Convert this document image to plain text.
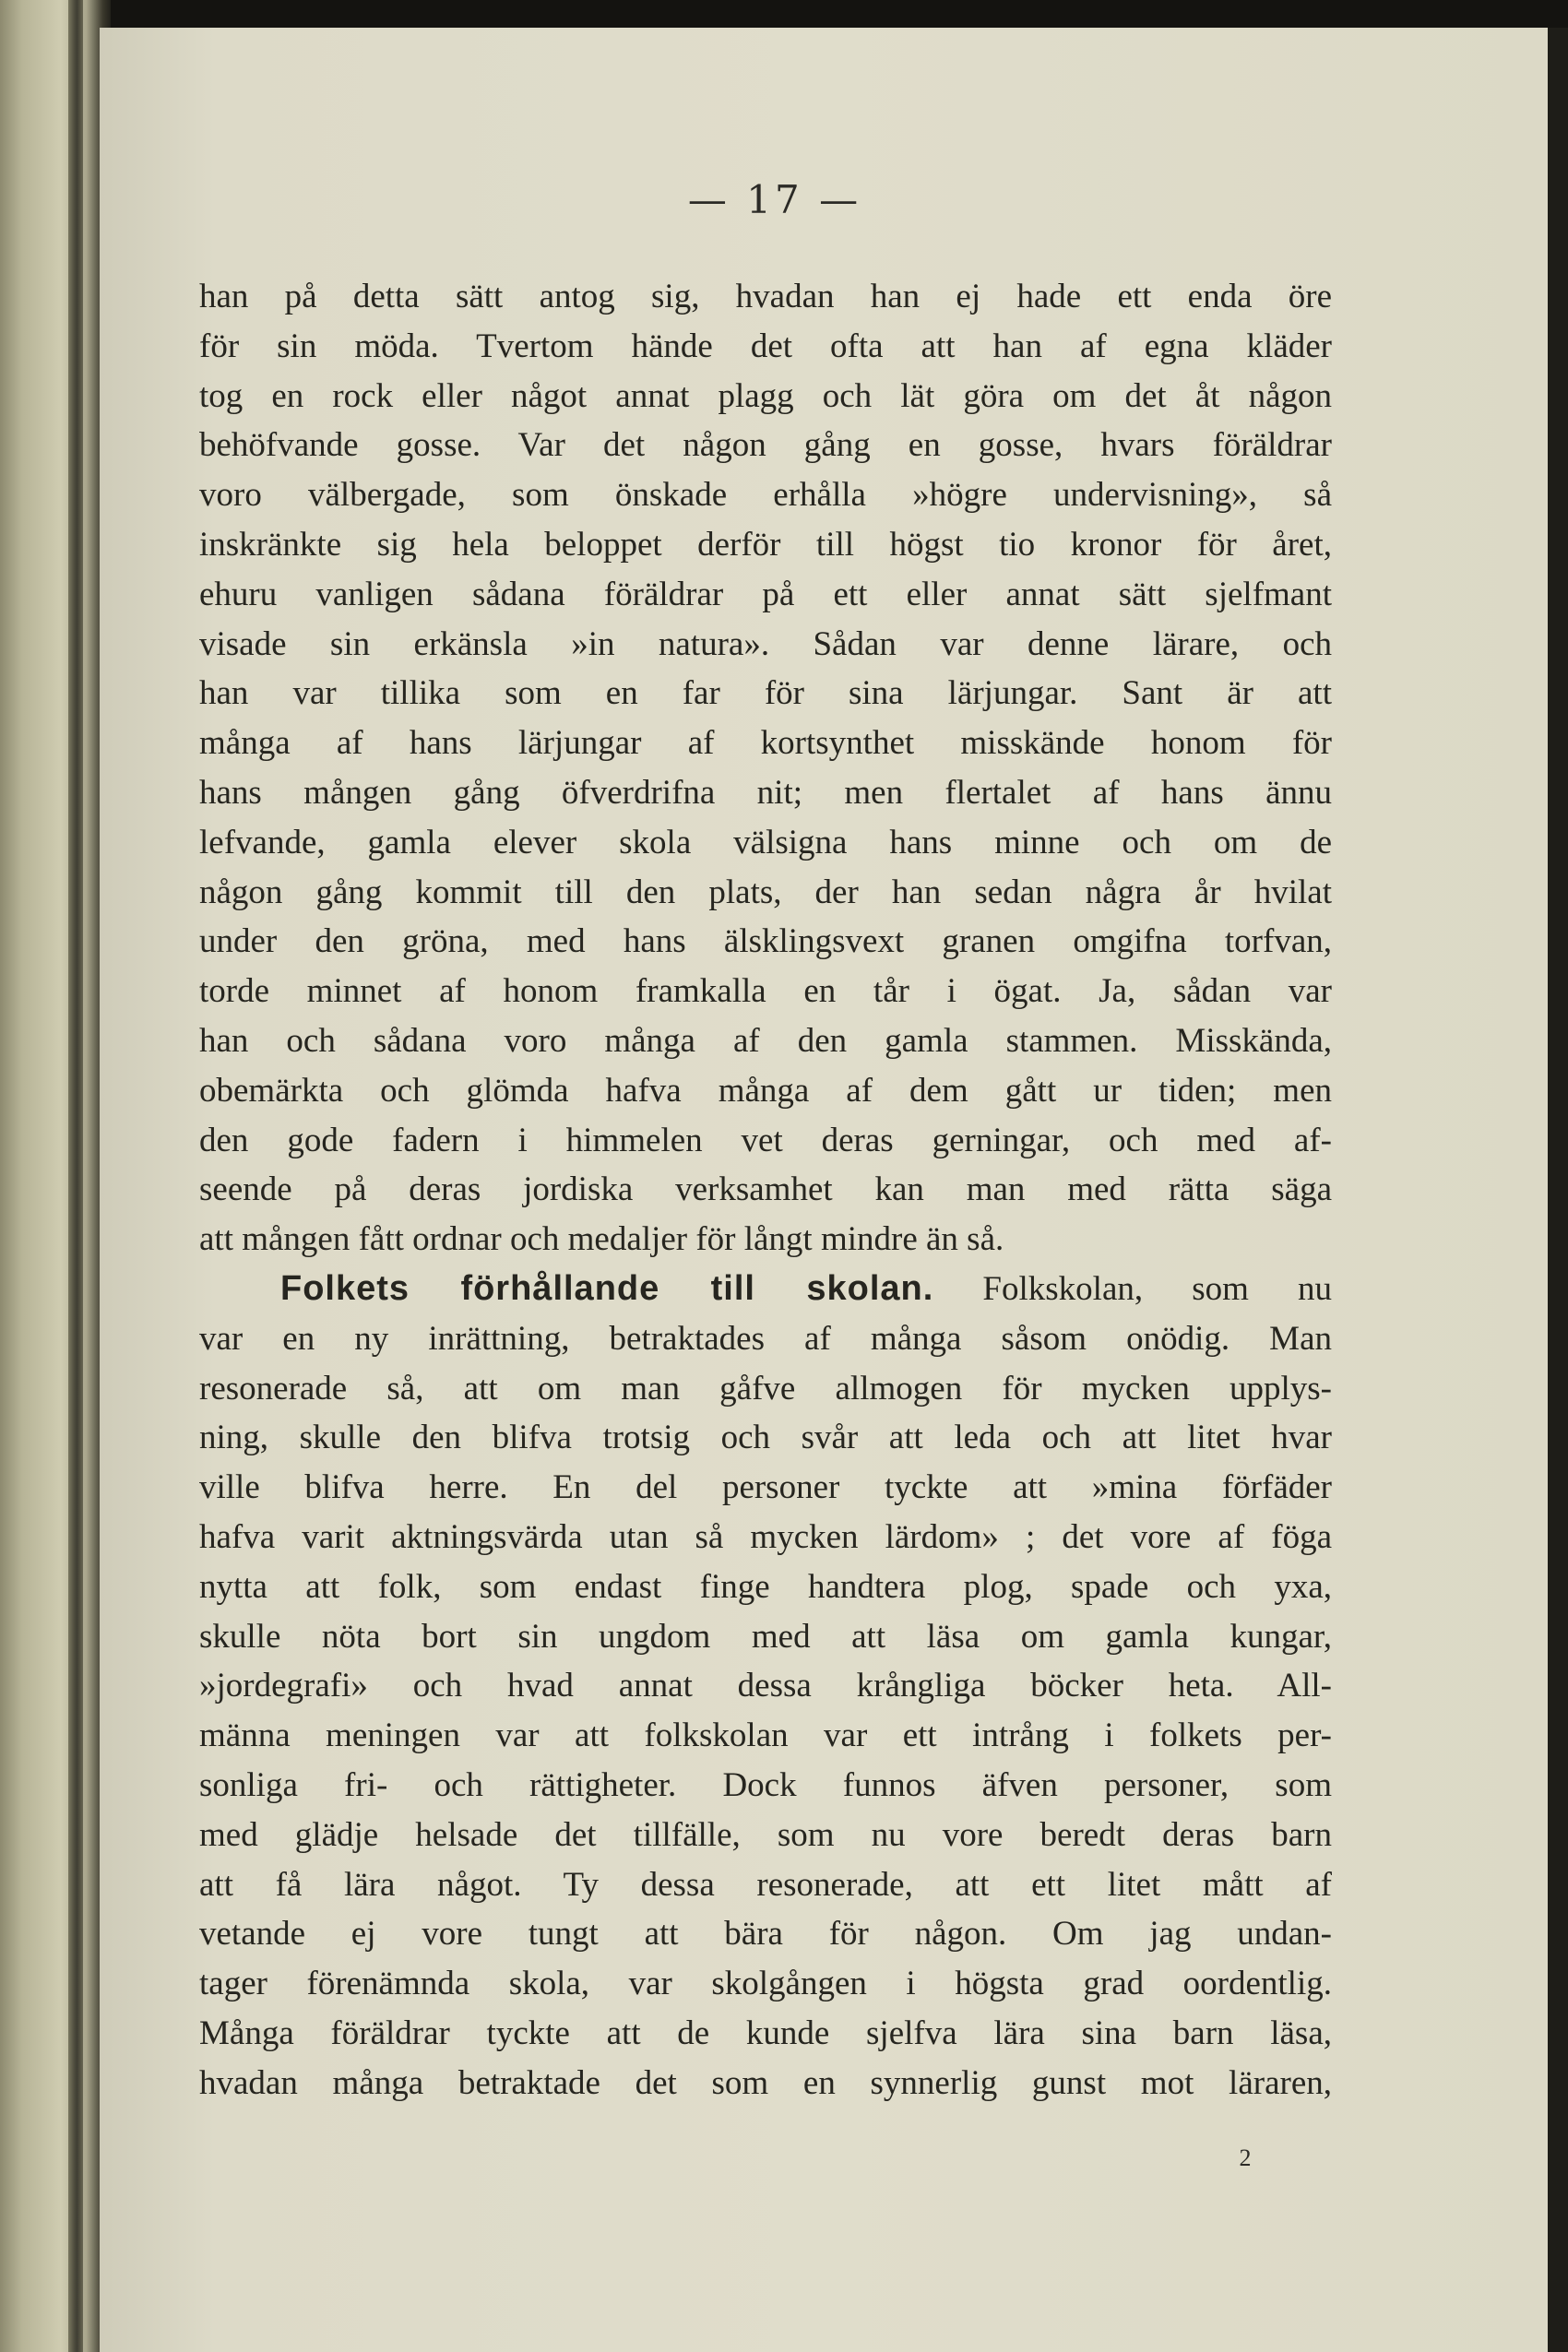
— 17 —
han på detta sätt antog sig, hvadan han ej hade ett enda öre
för sin möda. Tvertom hände det ofta att han af egna kläder
tog en rock eller något annat plagg och lät göra om det åt någon
behöfvande gosse. Var det någon gång en gosse, hvars föräldrar
voro välbergade, som önskade erhålla »högre undervisning», så
inskränkte sig hela beloppet derför till högst tio kronor för året,
ehuru vanligen sådana föräldrar på ett eller annat sätt sjelfmant
visade sin erkänsla »in natura». Sådan var denne lärare, och
han var tillika som en far för sina lärjungar. Sant är att
många af hans lärjungar af kortsynthet misskände honom för
hans mången gång öfverdrifna nit; men flertalet af hans ännu
lefvande, gamla elever skola välsigna hans minne och om de
någon gång kommit till den plats, der han sedan några år hvilat
under den gröna, med hans älsklingsvext granen omgifna torfvan,
torde minnet af honom framkalla en tår i ögat. Ja, sådan var
han och sådana voro många af den gamla stammen. Misskända,
obemärkta och glömda hafva många af dem gått ur tiden; men
den gode fadern i himmelen vet deras gerningar, och med af-
seende på deras jordiska verksamhet kan man med rätta säga
att mången fått ordnar och medaljer för långt mindre än så.
Folkets förhållande till skolan. Folkskolan, som nu
var en ny inrättning, betraktades af många såsom onödig. Man
resonerade så, att om man gåfve allmogen för mycken upplys-
ning, skulle den blifva trotsig och svår att leda och att litet hvar
ville blifva herre. En del personer tyckte att »mina förfäder
hafva varit aktningsvärda utan så mycken lärdom» ; det vore af föga
nytta att folk, som endast finge handtera plog, spade och yxa,
skulle nöta bort sin ungdom med att läsa om gamla kungar,
»jordegrafi» och hvad annat dessa krångliga böcker heta. All-
männa meningen var att folkskolan var ett intrång i folkets per-
sonliga fri- och rättigheter. Dock funnos äfven personer, som
med glädje helsade det tillfälle, som nu vore beredt deras barn
att få lära något. Ty dessa resonerade, att ett litet mått af
vetande ej vore tungt att bära för någon. Om jag undan-
tager förenämnda skola, var skolgången i högsta grad oordentlig.
Många föräldrar tyckte att de kunde sjelfva lära sina barn läsa,
hvadan många betraktade det som en synnerlig gunst mot läraren,
2
